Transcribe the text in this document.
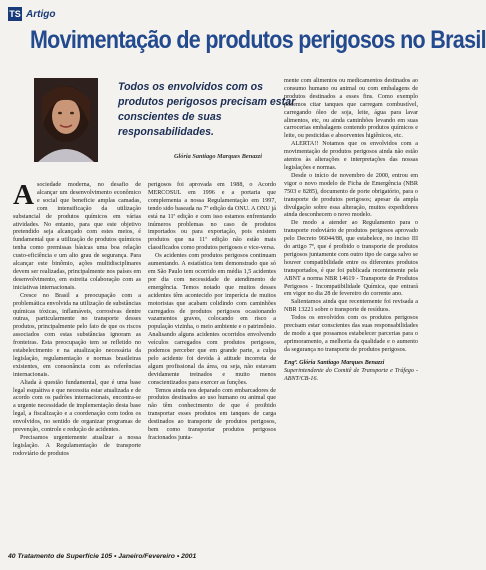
TS Artigo
Movimentação de produtos perigosos no Brasil
Todos os envolvidos com os produtos perigosos precisam estar conscientes de suas responsabilidades.
Glória Santiago Marques Benazzi

Asociedade moderna, no desafio de alcançar um desenvolvimento econômico e social que beneficie amplas camadas, com intensificação da utilização substancial de produtos químicos em várias atividades. No entanto, para que este objetivo pretendido seja alcançado com estes meios, é fundamental que a utilização de produtos químicos tenha como premissas básicas uma boa relação custo-eficiência e um alto grau de segurança. Para alcançar este binômio, ações multidisciplinares devem ser realizadas, principalmente nos países em desenvolvimento, em estreita colaboração com as iniciativas internacionais.

Cresce no Brasil a preocupação com a problemática envolvida na utilização de substâncias químicas tóxicas, inflamáveis, corrosivas dentre outras, particularmente no transporte desses produtos, principalmente pelo fato de que os riscos associados com estas substâncias ignoram as fronteiras. Esta preocupação tem se refletido no estabelecimento e na atualização necessária da legislação, regulamentação e normas brasileiras existentes, em consonância com as referências internacionais.

Aliada à questão fundamental, que é uma base legal esquátiva e que necessita estar atualizada e de acordo com os padrões internacionais, encontra-se a urgente necessidade de implementação desta base legal, a fiscalização e a coordenação com todos os envolvidos, no sentido de organizar programas de prevenção, controle e redução de acidentes.

Precisamos urgentemente atualizar a nossa legislação. A Regulamentação de transporte rodoviário de produtos

perigosos foi aprovada em 1988, o Acordo MERCOSUL em 1996 e a portaria que complementa a nossa Regulamentação em 1997, tendo sido baseada na 7ª edição da ONU. A ONU já está na 11ª edição e com isso estamos enfrentando inúmeros problemas no caso de produtos importados ou para exportação, pois existem produtos que na 11ª edição não estão mais classificados como produtos perigosos e vice-versa.

Os acidentes com produtos perigosos continuam aumentando. A estatística tem demonstrado que só em São Paulo tem ocorrido em média 1,5 acidentes por dia com necessidade de atendimento de emergência. Temos notado que muitos desses acidentes têm acontecido por imperícia de muitos motoristas que acabam colidindo com caminhões carregados de produtos perigosos ocasionando vazamentos graves, colocando em risco a população vizinha, o meio ambiente e o patrimônio. Analisando alguns acidentes ocorridos envolvendo veículos carregados com produtos perigosos, podemos perceber que em grande parte, a culpa pelo acidente foi devida à atitude incorreta de algum profissional da área, ou seja, não estavam devidamente treinados e muito menos conscientizados para exercer as funções.

Temos ainda nos deparado com embarcadores de produtos destinados ao uso humano ou animal que não têm conhecimento de que é proibido transportar esses produtos em tanques de carga destinados ao transporte de produtos perigosos, bem como transportar produtos perigosos fracionados junta-

mente com alimentos ou medicamentos destinados ao consumo humano ou animal ou com embalagens de produtos destinados a esses fins. Como exemplo podemos citar tanques que carregam combustível, carregando óleo de soja, leite, água para lavar alimentos, etc, ou ainda caminhões levando em suas carrocerias embalagens contendo produtos químicos e leite, ou pesticidas e absorventes higiênicos, etc.

ALERTA!! Notamos que os envolvidos com a movimentação de produtos perigosos ainda não estão atentos às alterações e interpretações das nossas legislações e normas.

Desde o início de novembro de 2000, entrou em vigor o novo modelo de Ficha de Emergência (NBR 7503 e 8285), documento de porte obrigatório, para o transporte de produtos perigosos; apesar da ampla divulgação sobre essa alteração, muitos expedidores ainda desconhecem o novo modelo.

De modo a atender ao Regulamento para o transporte rodoviário de produtos perigosos aprovado pelo Decreto 96044/88, que estabelece, no inciso III do artigo 7º, que é proibido o transporte de produtos perigosos juntamente com outro tipo de carga salvo se houver compatibilidade entre os diferentes produtos transportados, é que foi publicada recentemente pela ABNT a norma NBR 14619 - Transporte de Produtos Perigosos - Incompatibilidade Química, que entrará em vigor no dia 28 de fevereiro do corrente ano.

Salientamos ainda que recentemente foi revisada a NBR 13221 sobre o transporte de resíduos.

Todos os envolvidos com os produtos perigosos precisam estar conscientes das suas responsabilidades de modo a que possamos estabelecer parcerias para o aprimoramento, a melhoria da qualidade e o aumento da segurança no transporte de produtos perigosos.

Engª. Glória Santiago Marques Benazzi
Superintendente do Comitê de Transporte e Tráfego - ABNT/CB-16.
40 Tratamento de Superfície 105 • Janeiro/Fevereiro • 2001
